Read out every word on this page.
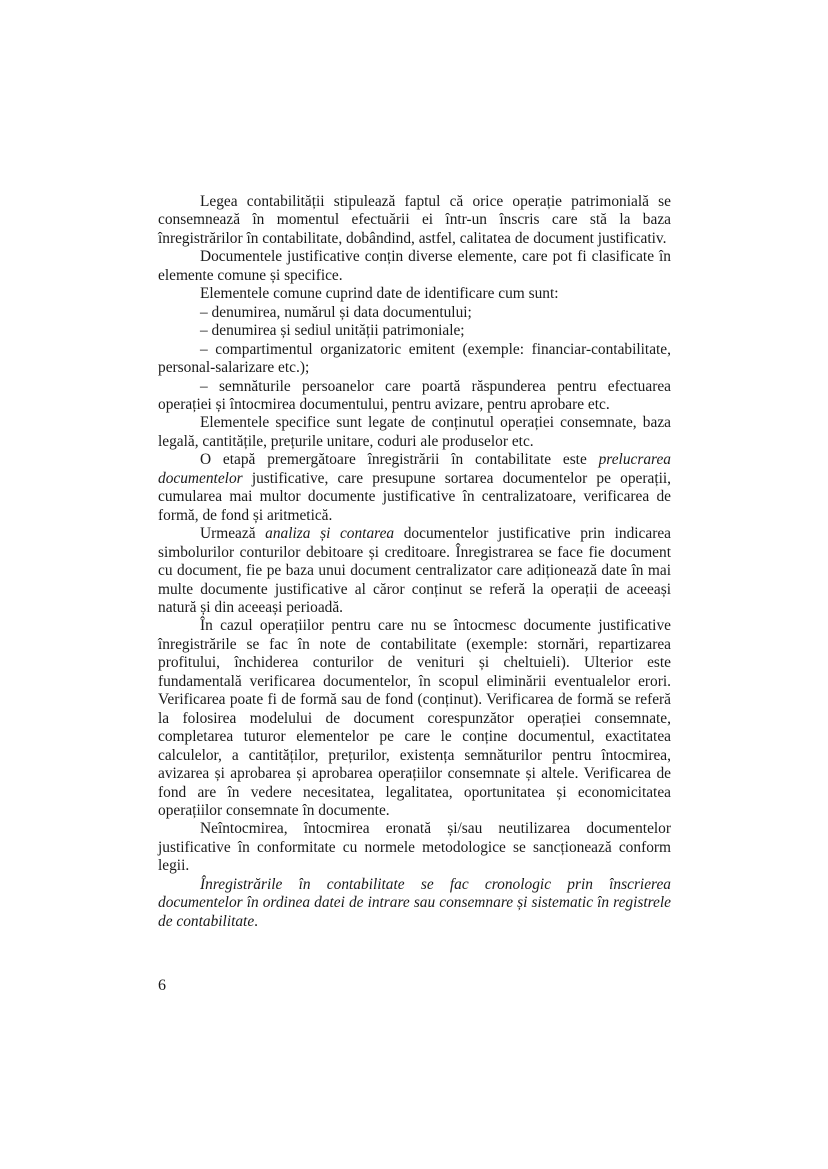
Legea contabilității stipulează faptul că orice operație patrimonială se consemnează în momentul efectuării ei într-un înscris care stă la baza înregistrărilor în contabilitate, dobândind, astfel, calitatea de document justificativ.

Documentele justificative conțin diverse elemente, care pot fi clasificate în elemente comune și specifice.

Elementele comune cuprind date de identificare cum sunt:

– denumirea, numărul și data documentului;

– denumirea și sediul unității patrimoniale;

– compartimentul organizatoric emitent (exemple: financiar-contabilitate, personal-salarizare etc.);

– semnăturile persoanelor care poartă răspunderea pentru efectuarea operației și întocmirea documentului, pentru avizare, pentru aprobare etc.

Elementele specifice sunt legate de conținutul operației consemnate, baza legală, cantitățile, prețurile unitare, coduri ale produselor etc.

O etapă premergătoare înregistrării în contabilitate este prelucrarea documentelor justificative, care presupune sortarea documentelor pe operații, cumularea mai multor documente justificative în centralizatoare, verificarea de formă, de fond și aritmetică.

Urmează analiza și contarea documentelor justificative prin indicarea simbolurilor conturilor debitoare și creditoare. Înregistrarea se face fie document cu document, fie pe baza unui document centralizator care adiționează date în mai multe documente justificative al căror conținut se referă la operații de aceeași natură și din aceeași perioadă.

În cazul operațiilor pentru care nu se întocmesc documente justificative înregistrările se fac în note de contabilitate (exemple: stornări, repartizarea profitului, închiderea conturilor de venituri și cheltuieli). Ulterior este fundamentală verificarea documentelor, în scopul eliminării eventualelor erori. Verificarea poate fi de formă sau de fond (conținut). Verificarea de formă se referă la folosirea modelului de document corespunzător operației consemnate, completarea tuturor elementelor pe care le conține documentul, exactitatea calculelor, a cantităților, prețurilor, existența semnăturilor pentru întocmirea, avizarea și aprobarea și aprobarea operațiilor consemnate și altele. Verificarea de fond are în vedere necesitatea, legalitatea, oportunitatea și economicitatea operațiilor consemnate în documente.

Neîntocmirea, întocmirea eronată și/sau neutilizarea documentelor justificative în conformitate cu normele metodologice se sancționează conform legii.

Înregistrările în contabilitate se fac cronologic prin înscrierea documentelor în ordinea datei de intrare sau consemnare și sistematic în registrele de contabilitate.

6
